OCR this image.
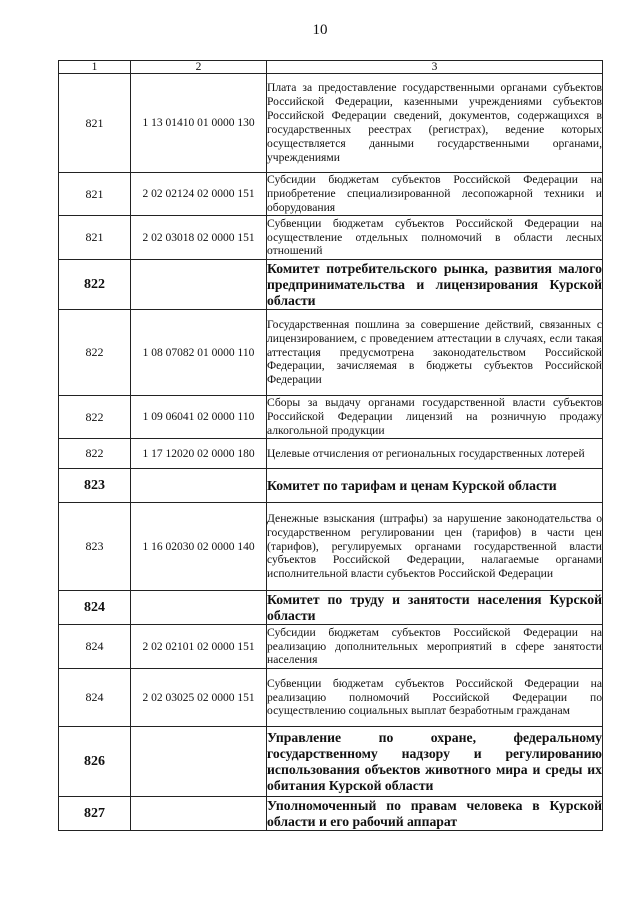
10
1	2	3
821	1 13 01410 01 0000 130	Плата за предоставление государственными органами субъектов Российской Федерации, казенными учреждениями субъектов Российской Федерации сведений, документов, содержащихся в государственных реестрах (регистрах), ведение которых осуществляется данными государственными органами, учреждениями
821	2 02 02124 02 0000 151	Субсидии бюджетам субъектов Российской Федерации на приобретение специализированной лесопожарной техники и оборудования
821	2 02 03018 02 0000 151	Субвенции бюджетам субъектов Российской Федерации на осуществление отдельных полномочий в области лесных отношений
822		Комитет потребительского рынка, развития малого предпринимательства и лицензирования Курской области
822	1 08 07082 01 0000 110	Государственная пошлина за совершение действий, связанных с лицензированием, с проведением аттестации в случаях, если такая аттестация предусмотрена законодательством Российской Федерации, зачисляемая в бюджеты субъектов Российской Федерации
822	1 09 06041 02 0000 110	Сборы за выдачу органами государственной власти субъектов Российской Федерации лицензий на розничную продажу алкогольной продукции
822	1 17 12020 02 0000 180	Целевые отчисления от региональных государственных лотерей
823		Комитет по тарифам и ценам Курской области
823	1 16 02030 02 0000 140	Денежные взыскания (штрафы) за нарушение законодательства о государственном регулировании цен (тарифов) в части цен (тарифов), регулируемых органами государственной власти субъектов Российской Федерации, налагаемые органами исполнительной власти субъектов Российской Федерации
824		Комитет по труду и занятости населения Курской области
824	2 02 02101 02 0000 151	Субсидии бюджетам субъектов Российской Федерации на реализацию дополнительных мероприятий в сфере занятости населения
824	2 02 03025 02 0000 151	Субвенции бюджетам субъектов Российской Федерации на реализацию полномочий Российской Федерации по осуществлению социальных выплат безработным гражданам
826		Управление по охране, федеральному государственному надзору и регулированию использования объектов животного мира и среды их обитания Курской области
827		Уполномоченный по правам человека в Курской области и его рабочий аппарат
